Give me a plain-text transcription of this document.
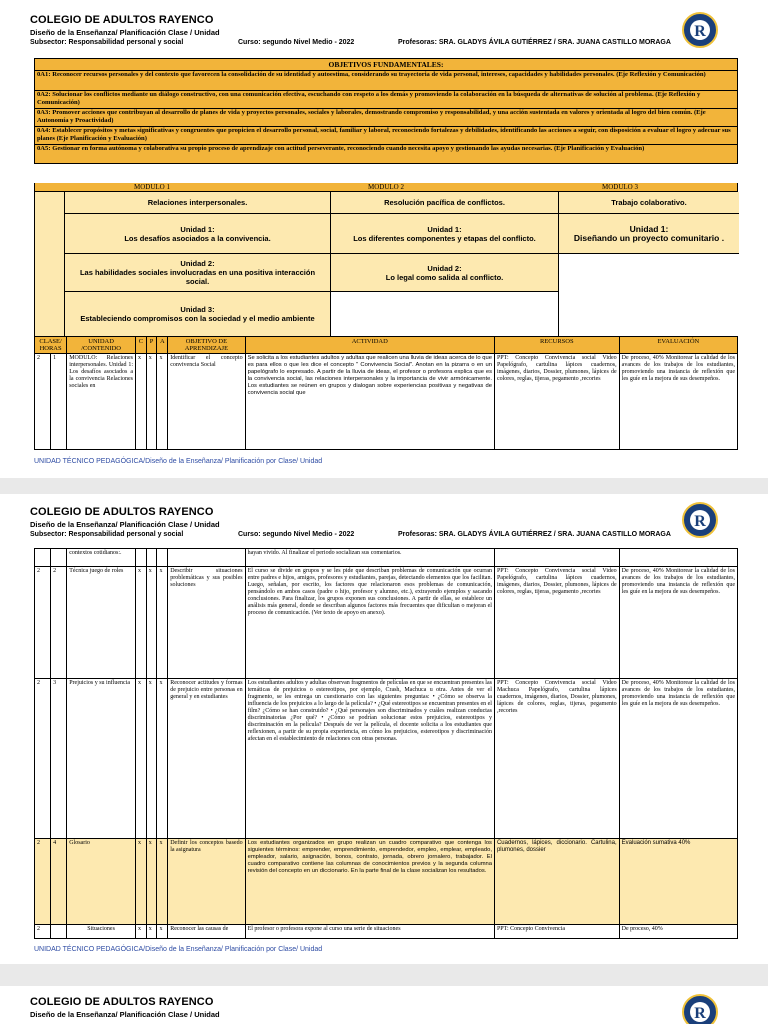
COLEGIO DE ADULTOS RAYENCO
Diseño de la Enseñanza/ Planificación Clase / Unidad
Subsector: Responsabilidad personal y social	Curso: segundo Nivel Medio - 2022	Profesoras: SRA. GLADYS ÁVILA GUTIÉRREZ / SRA. JUANA CASTILLO MORAGA
R
OBJETIVOS FUNDAMENTALES:
0A1: Reconocer recursos personales y del contexto que favorecen la consolidación de su identidad y autoestima, considerando su trayectoria de vida personal, intereses, capacidades y habilidades personales. (Eje Reflexión y Comunicación)
0A2: Solucionar los conflictos mediante un diálogo constructivo, con una comunicación efectiva, escuchando con respeto a los demás y promoviendo la colaboración en la búsqueda de alternativas de solución al problema. (Eje Reflexión y Comunicación)
0A3: Promover acciones que contribuyan al desarrollo de planes de vida y proyectos personales, sociales y laborales, demostrando compromiso y responsabilidad, y una acción sustentada en valores y orientada al logro del bien común. (Eje Autonomía y Proactividad)
0A4: Establecer propósitos y metas significativas y congruentes que propicien el desarrollo personal, social, familiar y laboral, reconociendo fortalezas y debilidades, identificando las acciones a seguir, con disposición a evaluar el logro y adecuar sus planes (Eje Planificación y Evaluación)
0A5: Gestionar en forma autónoma y colaborativa su propio proceso de aprendizaje con actitud perseverante, reconociendo cuando necesita apoyo y gestionando las ayudas necesarias. (Eje Planificación y Evaluación)
MODULO 1	MODULO 2	MODULO 3
Relaciones interpersonales.
Unidad 1:
Los desafíos asociados a la convivencia.
Unidad 2:
Las habilidades sociales involucradas en una positiva interacción social.
Unidad 3:
Estableciendo compromisos con la sociedad y el medio ambiente
Resolución pacífica de conflictos.
Unidad 1:
Los diferentes componentes y etapas del conflicto.
Unidad 2:
Lo legal como salida al conflicto.
Trabajo colaborativo.
Unidad 1:
Diseñando un proyecto comunitario .
CLASE/ HORAS		UNIDAD /CONTENIDO	C	P	A	OBJETIVO DE APRENDIZAJE	ACTIVIDAD	RECURSOS	EVALUACIÓN
2	1	MODULO: Relaciones interpersonales. Unidad 1: Los desafíos asociados a la convivencia Relaciones sociales en	x	x	x	Identificar el concepto convivencia Social	Se solicita a los estudiantes adultos y adultas que realicen una lluvia de ideas acerca de lo que es para ellos o que les dice el concepto " Convivencia Social". Anotan en la pizarra o en un papelógrafo lo expresado. A partir de la lluvia de ideas, el profesor o profesora explica que es la convivencia social, las relaciones interpersonales y la importancia de vivir armónicamente. Los estudiantes se reúnen en grupos y dialogan sobre experiencias positivas y negativas de convivencia social que	PPT: Concepto Convivencia social Video Papelógrafo, cartulina lápices cuadernos, imágenes, diarios, Dossier, plumones, lápices de colores, reglas, tijeras, pegamento ,recortes	De proceso, 40% Monitorear la calidad de los avances de los trabajos de los estudiantes, promoviendo una instancia de reflexión que les guíe en la mejora de sus desempeños.
UNIDAD TÉCNICO PEDAGÓGICA/Diseño de la Enseñanza/ Planificación por Clase/ Unidad
COLEGIO DE ADULTOS RAYENCO
Diseño de la Enseñanza/ Planificación Clase / Unidad
Subsector: Responsabilidad personal y social	Curso: segundo Nivel Medio - 2022	Profesoras: SRA. GLADYS ÁVILA GUTIÉRREZ / SRA. JUANA CASTILLO MORAGA
R
		contextos cotidianos:.					hayan vivido. Al finalizar el periodo socializan sus comentarios.		
2	2	Técnica juego de roles	x	x	x	Describir situaciones problemáticas y sus posibles soluciones	El curso se divide en grupos y se les pide que describan problemas de comunicación que ocurran entre padres e hijos, amigos, profesores y estudiantes, parejas, detectando elementos que los facilitan. Luego, señalan, por escrito, los factores que relacionaron esos problemas de comunicación, pensándolo en ambos casos (padre o hijo, profesor y alumno, etc.), extrayendo ejemplos y sacando conclusiones. Para finalizar, los grupos exponen sus conclusiones. A partir de ellas, se establece un análisis más general, donde se describan algunos factores más frecuentes que dificultan o mejoran el proceso de comunicación. (Ver texto de apoyo en anexo).	PPT: Concepto Convivencia social Video Papelógrafo, cartulina lápices cuadernos, imágenes, diarios, Dossier, plumones, lápices de colores, reglas, tijeras, pegamento ,recortes	De proceso, 40% Monitorear la calidad de los avances de los trabajos de los estudiantes, promoviendo una instancia de reflexión que les guíe en la mejora de sus desempeños.
2	3	Prejuicios y su influencia	x	x	x	Reconocer actitudes y formas de prejuicio entre personas en general y en estudiantes	Los estudiantes adultos y adultas observan fragmentos de películas en que se encuentran presentes las temáticas de prejuicios o estereotipos, por ejemplo, Crash, Machuca u otra. Antes de ver el fragmento, se les entrega un cuestionario con las siguientes preguntas: • ¿Cómo se observa la influencia de los prejuicios a lo largo de la película? • ¿Qué estereotipos se encuentran presentes en el film? ¿Cómo se han construido? • ¿Qué personajes son discriminados y cuáles realizan conductas discriminatorias ¿Por qué? • ¿Cómo se podrían solucionar estos prejuicios, estereotipos y discriminación en la película? Después de ver la película, el docente solicita a los estudiantes que reflexionen, a partir de su propia experiencia, en cómo los prejuicios, estereotipos y discriminación afectan en el establecimiento de relaciones con otras personas.	PPT: Concepto Convivencia social Video Machuca Papelógrafo, cartulina lápices cuadernos, imágenes, diarios, Dossier, plumones, lápices de colores, reglas, tijeras, pegamento ,recortes	De proceso, 40% Monitorear la calidad de los avances de los trabajos de los estudiantes, promoviendo una instancia de reflexión que les guíe en la mejora de sus desempeños.
2	4	Glosario	x	x	x	Definir los conceptos basedo la asignatura	Los estudiantes organizados en grupo realizan un cuadro comparativo que contenga los siguientes términos: emprender, emprendimiento, emprendedor, empleo, emplear, empleado, empleador, salario, asignación, bonos, contrato, jornada, obrero jornalero, trabajador. El cuadro comparativo contiene las columnas de conocimientos previos y la segunda columna revisión del concepto en un diccionario. En la parte final de la clase socializan los resultados.	Cuadernos, lápices, diccionario. Cartulina, plumones, dossier	Evaluación sumativa 40%
2		Situaciones	x	x	x	Reconocer las causas de	El profesor o profesora expone al curso una serie de situaciones	PPT: Concepto Convivencia	De proceso, 40%
UNIDAD TÉCNICO PEDAGÓGICA/Diseño de la Enseñanza/ Planificación por Clase/ Unidad
COLEGIO DE ADULTOS RAYENCO
Diseño de la Enseñanza/ Planificación Clase / Unidad	R
